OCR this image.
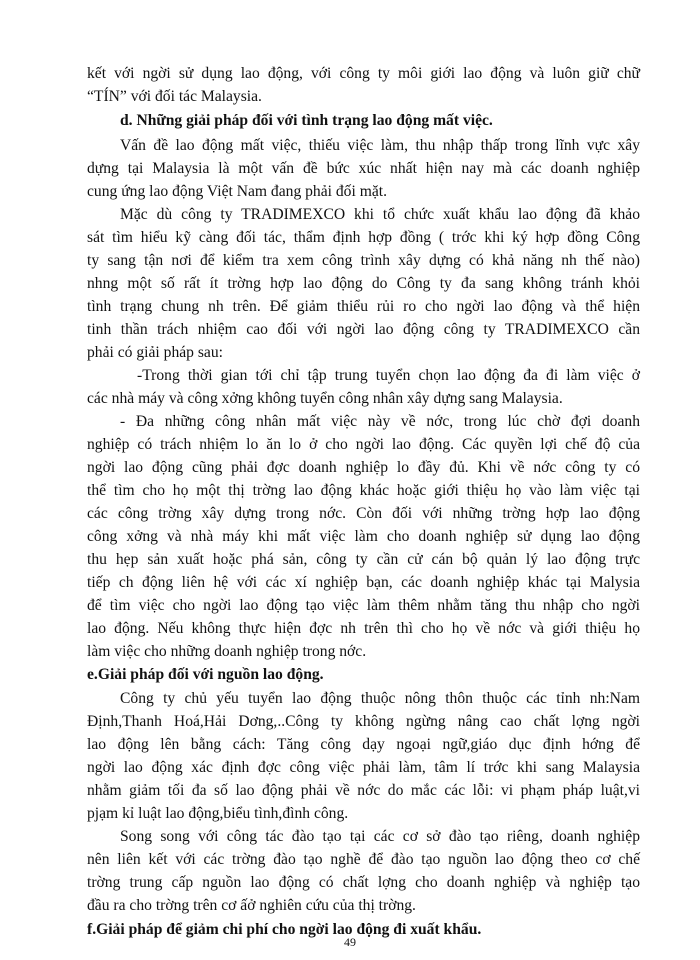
kết với ngời sử dụng lao động, với công ty môi giới lao động và luôn giữ chữ
“TÍN” với đối tác Malaysia.
d. Những giải pháp đối với tình trạng lao động mất việc.
Vấn đề lao động mất việc, thiếu việc làm, thu nhập thấp trong lĩnh vực xây
dựng tại Malaysia là một vấn đề bức xúc nhất hiện nay mà các doanh nghiệp
cung ứng lao động Việt Nam đang phải đối mặt.
Mặc dù công ty TRADIMEXCO khi tổ chức xuất khẩu lao động đã khảo
sát tìm hiểu kỹ càng đối tác, thẩm định hợp đồng ( trớc khi ký hợp đồng Công
ty sang tận nơi để kiểm tra xem công trình xây dựng có khả năng nh thế nào)
nhng một số rất ít trờng hợp lao động do Công ty đa sang không tránh khỏi
tình trạng chung nh trên. Để giảm thiểu rủi ro cho ngời lao động và thể hiện
tinh thần trách nhiệm cao đối với ngời lao động công ty TRADIMEXCO cần
phải có giải pháp sau:
-Trong thời gian tới chỉ tập trung tuyển chọn lao động đa đi làm việc ở
các nhà máy và công xởng không tuyển công nhân xây dựng sang Malaysia.
- Đa những công nhân mất việc này về nớc, trong lúc chờ đợi doanh
nghiệp có trách nhiệm lo ăn lo ở cho ngời lao động. Các quyền lợi chế độ của
ngời lao động cũng phải đợc doanh nghiệp lo đầy đủ. Khi về nớc công ty có
thể tìm cho họ một thị trờng lao động khác hoặc giới thiệu họ vào làm việc tại
các công trờng xây dựng trong nớc. Còn đối với những trờng hợp lao động
công xởng và nhà máy khi mất việc làm cho doanh nghiệp sử dụng lao động
thu hẹp sản xuất hoặc phá sản, công ty cần cử cán bộ quản lý lao động trực
tiếp ch động liên hệ với các xí nghiệp bạn, các doanh nghiệp khác tại Malysia
để tìm việc cho ngời lao động tạo việc làm thêm nhằm tăng thu nhập cho ngời
lao động. Nếu không thực hiện đợc nh trên thì cho họ về nớc và giới thiệu họ
làm việc cho những doanh nghiệp trong nớc.
e.Giải pháp đối với nguồn lao động.
Công ty chủ yếu tuyển lao động thuộc nông thôn thuộc các tỉnh nh:Nam
Định,Thanh Hoá,Hải Dơng,..Công ty không ngừng nâng cao chất lợng ngời
lao động lên bằng cách: Tăng công dạy ngoại ngữ,giáo dục định hớng để
ngời lao động xác định đợc công việc phải làm, tâm lí trớc khi sang Malaysia
nhằm giảm tối đa số lao động phải về nớc do mắc các lỗi: vi phạm pháp luật,vi
pjạm kỉ luật lao động,biểu tình,đình công.
Song song với công tác đào tạo tại các cơ sở đào tạo riêng, doanh nghiệp
nên liên kết với các trờng đào tạo nghề để đào tạo nguồn lao động theo cơ chế
trờng trung cấp nguồn lao động có chất lợng cho doanh nghiệp và nghiệp tạo
đầu ra cho trờng trên cơ ấở nghiên cứu của thị trờng.
f.Giải pháp để giảm chi phí cho ngời lao động đi xuất khẩu.
49
